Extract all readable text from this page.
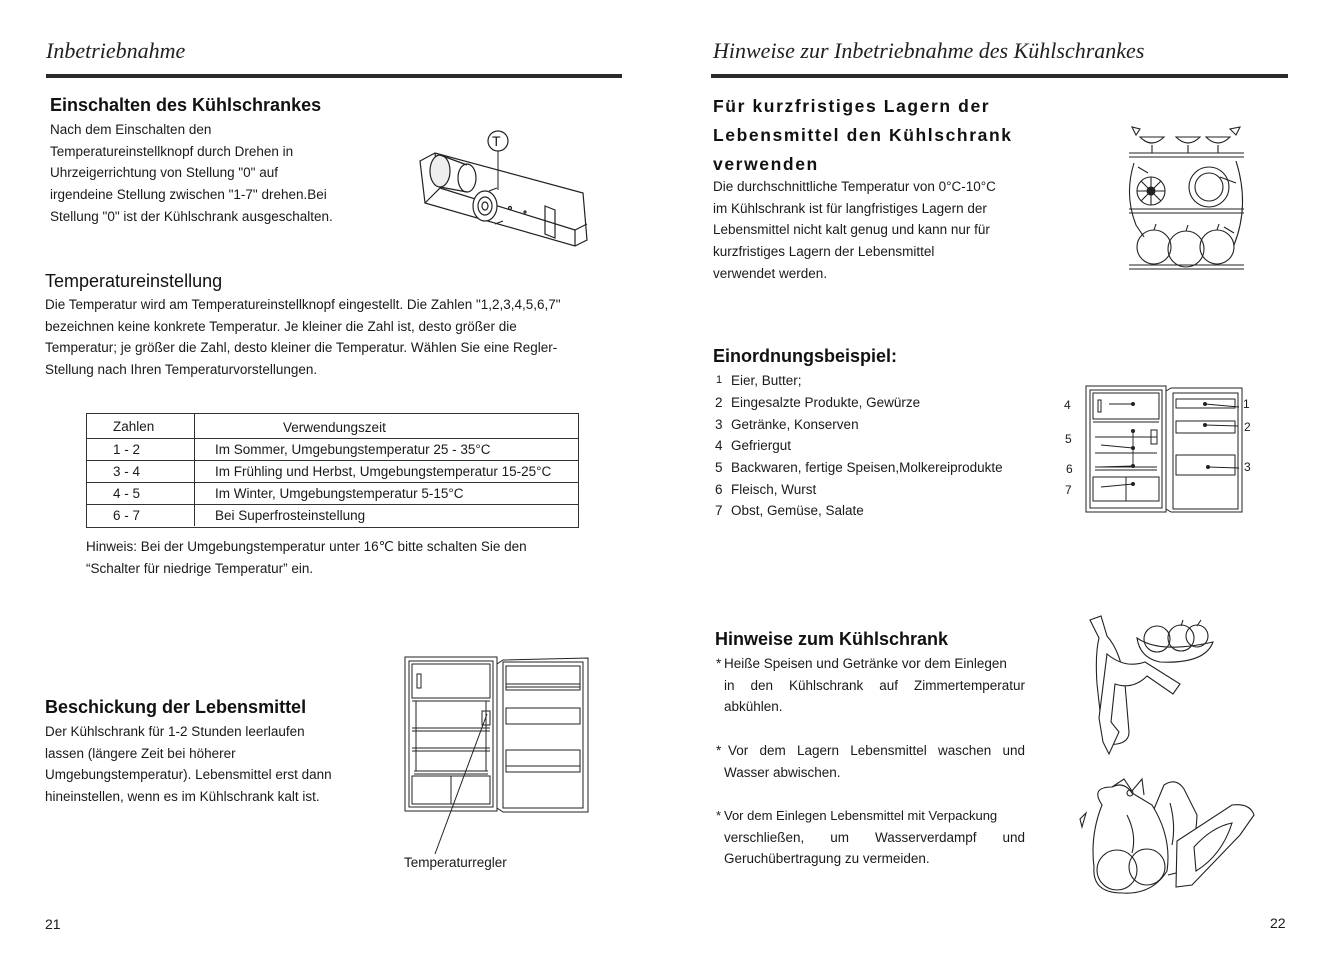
Inbetriebnahme
Einschalten des Kühlschrankes
Nach dem Einschalten den
Temperatureinstellknopf durch Drehen in
Uhrzeigerrichtung von Stellung "0" auf
irgendeine Stellung zwischen "1-7" drehen.Bei
Stellung "0" ist der Kühlschrank ausgeschalten.
T
Temperatureinstellung
Die Temperatur wird am Temperatureinstellknopf eingestellt. Die Zahlen "1,2,3,4,5,6,7"
bezeichnen keine konkrete Temperatur. Je kleiner die Zahl ist, desto größer die
Temperatur; je größer die Zahl, desto kleiner die Temperatur. Wählen Sie eine Regler-
Stellung nach Ihren Temperaturvorstellungen.
Zahlen	Verwendungszeit
1 - 2	Im Sommer, Umgebungstemperatur 25 - 35°C
3 - 4	Im Frühling und Herbst, Umgebungstemperatur 15-25°C
4 - 5	Im Winter, Umgebungstemperatur 5-15°C
6 - 7	Bei Superfrosteinstellung
Hinweis: Bei der Umgebungstemperatur unter 16℃ bitte schalten Sie den
“Schalter für niedrige Temperatur” ein.
Beschickung der Lebensmittel
Der Kühlschrank für 1-2 Stunden leerlaufen
lassen (längere Zeit bei höherer
Umgebungstemperatur). Lebensmittel erst dann
hineinstellen, wenn es im Kühlschrank kalt ist.
Temperaturregler
21
Hinweise zur Inbetriebnahme des Kühlschrankes
Für kurzfristiges Lagern der
Lebensmittel den Kühlschrank
verwenden
Die durchschnittliche Temperatur von 0°C-10°C
im Kühlschrank ist für langfristiges Lagern der
Lebensmittel nicht kalt genug und kann nur für
kurzfristiges Lagern der Lebensmittel
verwendet werden.
Einordnungsbeispiel:
1 Eier, Butter;
2 Eingesalzte Produkte, Gewürze
3 Getränke, Konserven
4 Gefriergut
5 Backwaren, fertige Speisen,Molkereiprodukte
6 Fleisch, Wurst
7 Obst, Gemüse, Salate
4
5
6
7
1
2
3
Hinweise zum Kühlschrank
* Heiße Speisen und Getränke vor dem Einlegen
in den Kühlschrank auf Zimmertemperatur
abkühlen.
* Vor dem Lagern Lebensmittel waschen und
Wasser abwischen.
* Vor dem Einlegen Lebensmittel mit Verpackung
verschließen, um Wasserverdampf und
Geruchübertragung zu vermeiden.
22
